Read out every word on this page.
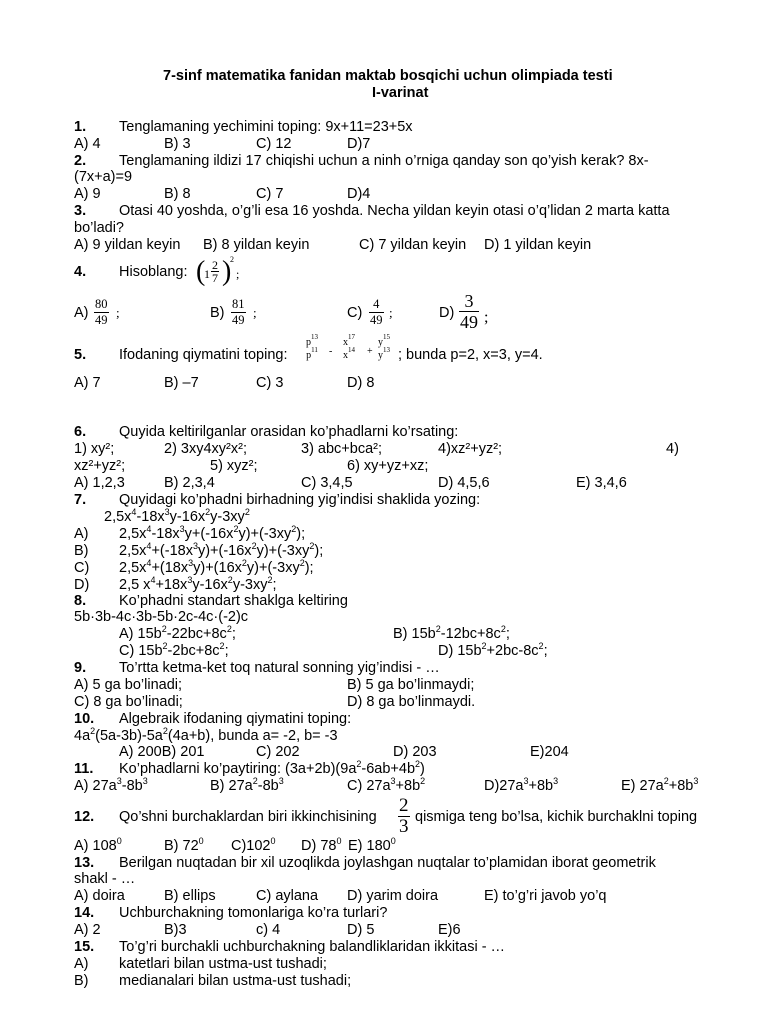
7-sinf matematika fanidan maktab bosqichi uchun olimpiada testi
I-varinat
1. Tenglamaning yechimini toping: 9x+11=23+5x
A) 4	B) 3	C) 12	D)7
2. Tenglamaning ildizi 17 chiqishi uchun a ninh o’rniga qanday son qo’yish kerak? 8x-
(7x+a)=9
A) 9	B) 8	C) 7	D)4
3. Otasi 40 yoshda, o’g’li esa 16 yoshda. Necha yildan keyin otasi o’q’lidan 2 marta katta
bo’ladi?
A) 9 yildan keyin B) 8 yildan keyin	C) 7 yildan keyin D) 1 yildan keyin
4. Hisoblang: (
$1 \frac{2}{7}$ )
2
;
$A) \frac{80}{49}$ ;	$B) \frac{81}{49}$ ;	$C) \frac{4}{49}$ ;	$D) \frac{3}{49}$ ;
5. Ifodaning qiymatini toping:
$p^{13}$
$p^{11}$ -
$x^{17}$
$x^{14}$ +
$y^{15}$
$y^{13}$ ; bunda p=2, x=3, y=4.
A) 7	B) –7	C) 3	D) 8
6. Quyida keltirilganlar orasidan ko’phadlarni ko’rsating:
1) xy²;	2) 3xy4xy²x²;	3) abc+bca²;	4)xz²+yz²;	4)
xz²+yz²;	5) xyz²;	6) xy+yz+xz;
A) 1,2,3	B) 2,3,4	C) 3,4,5	D) 4,5,6	E) 3,4,6
7. Quyidagi ko’phadni birhadning yig’indisi shaklida yozing:
$2,5x^4-18x^3y-16x^2y-3xy^2$
A) $2,5x^4-18x^3y+(-16x^2y)+(-3xy^2)$;
B) $2,5x^4+(-18x^3y)+(-16x^2y)+(-3xy^2)$;
C) $2,5x^4+(18x^3y)+(16x^2y)+(-3xy^2)$;
D) 2,5 $x^4+18x^3y-16x^2y-3xy^2$;
8. Ko’phadni standart shaklga keltiring
5b·3b-4c·3b-5b·2c-4c·(-2)c
A) $15b^2-22bc+8c^2$;	B) $15b^2-12bc+8c^2$;
C) $15b^2-2bc+8c^2$;	D) $15b^2+2bc-8c^2$;
9. To’rtta ketma-ket toq natural sonning yig’indisi - …
A) 5 ga bo’linadi;	B) 5 ga bo’linmaydi;
C) 8 ga bo’linadi;	D) 8 ga bo’linmaydi.
10. Algebraik ifodaning qiymatini toping:
$4a^2(5a-3b)-5a^2(4a+b)$, bunda a= -2, b= -3
A) 200B) 201	C) 202	D) 203	E)204
11. Ko’phadlarni ko’paytiring: $(3a+2b)(9a^2-6ab+4b^2)$
A) $27a^3-8b^3$	B) $27a^2-8b^3$	C) $27a^3+8b^2$	$D)27a^3+8b^3$	E) $27a^2+8b^3$
12. Qo’shni burchaklardan biri ikkinchisining $\frac{2}{3}$ qismiga teng bo’lsa, kichik burchaklni toping
A) $108^0$	B) $72^0$ $C)102^0$ D) $78^0$ E) $180^0$
13. Berilgan nuqtadan bir xil uzoqlikda joylashgan nuqtalar to’plamidan iborat geometrik
shakl - …
A) doira	B) ellips	C) aylana D) yarim doira	E) to’g’ri javob yo’q
14. Uchburchakning tomonlariga ko’ra turlari?
A) 2	B)3	c) 4	D) 5	E)6
15. To’g’ri burchakli uchburchakning balandliklaridan ikkitasi - …
A) katetlari bilan ustma-ust tushadi;
B) medianalari bilan ustma-ust tushadi;
